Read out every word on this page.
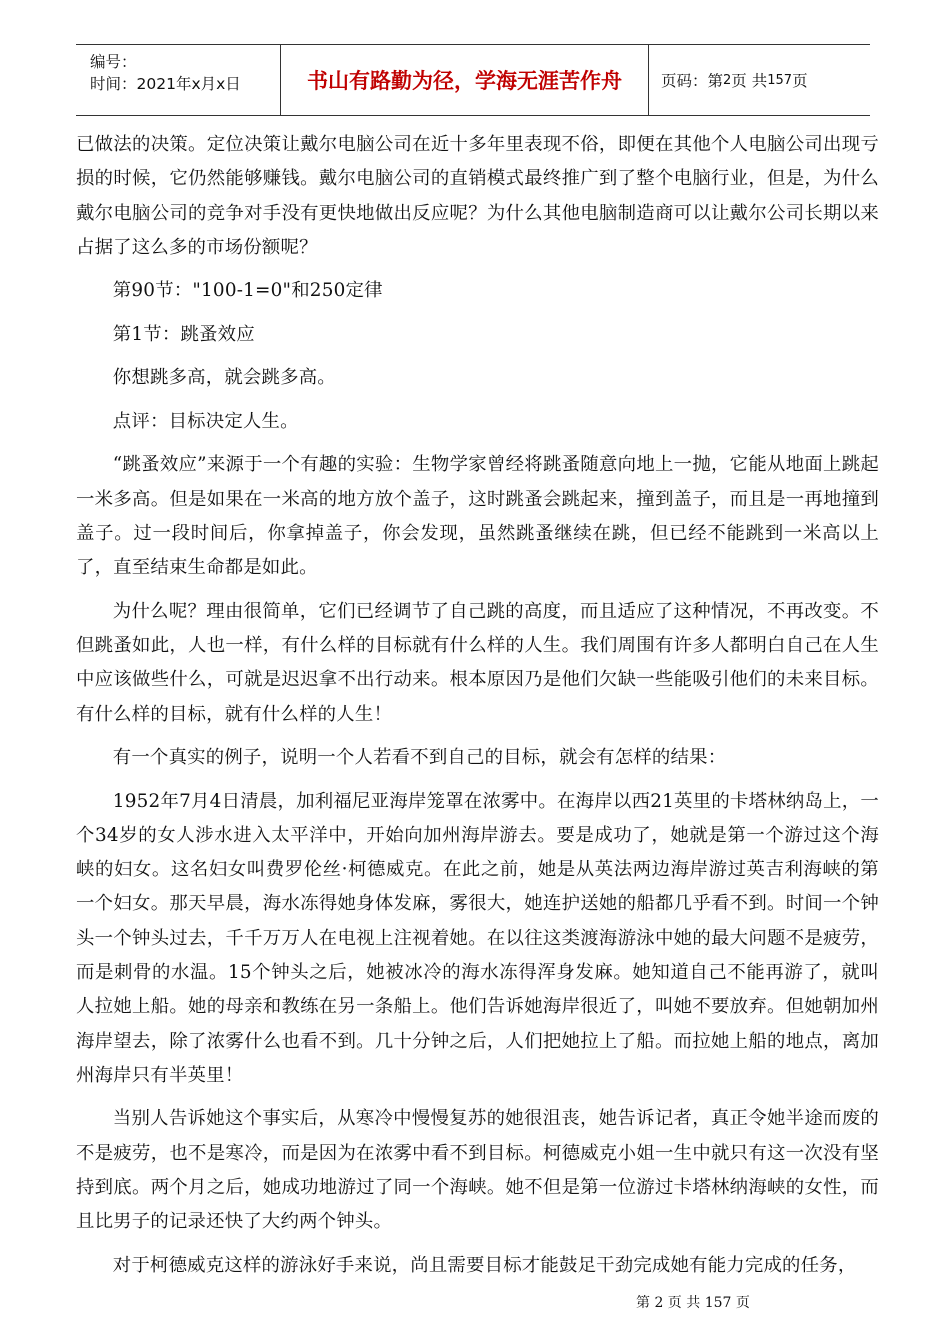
编号：
时间：2021年x月x日	书山有路勤为径，学海无涯苦作舟	页码：第 2 页 共 157 页

已做法的决策。定位决策让戴尔电脑公司在近十多年里表现不俗，即便在其他个人电脑公司出现亏损的时候，它仍然能够赚钱。戴尔电脑公司的直销模式最终推广到了整个电脑行业，但是，为什么戴尔电脑公司的竞争对手没有更快地做出反应呢？为什么其他电脑制造商可以让戴尔公司长期以来占据了这么多的市场份额呢？

第90节："100-1=0"和250定律

第1节：跳蚤效应

你想跳多高，就会跳多高。

点评：目标决定人生。

“跳蚤效应”来源于一个有趣的实验：生物学家曾经将跳蚤随意向地上一抛，它能从地面上跳起一米多高。但是如果在一米高的地方放个盖子，这时跳蚤会跳起来，撞到盖子，而且是一再地撞到盖子。过一段时间后，你拿掉盖子，你会发现，虽然跳蚤继续在跳，但已经不能跳到一米高以上了，直至结束生命都是如此。

为什么呢？理由很简单，它们已经调节了自己跳的高度，而且适应了这种情况，不再改变。不但跳蚤如此，人也一样，有什么样的目标就有什么样的人生。我们周围有许多人都明白自己在人生中应该做些什么，可就是迟迟拿不出行动来。根本原因乃是他们欠缺一些能吸引他们的未来目标。有什么样的目标，就有什么样的人生！

有一个真实的例子，说明一个人若看不到自己的目标，就会有怎样的结果：

1952年7月4日清晨，加利福尼亚海岸笼罩在浓雾中。在海岸以西21英里的卡塔林纳岛上，一个34岁的女人涉水进入太平洋中，开始向加州海岸游去。要是成功了，她就是第一个游过这个海峡的妇女。这名妇女叫费罗伦丝·柯德威克。在此之前，她是从英法两边海岸游过英吉利海峡的第一个妇女。那天早晨，海水冻得她身体发麻，雾很大，她连护送她的船都几乎看不到。时间一个钟头一个钟头过去，千千万万人在电视上注视着她。在以往这类渡海游泳中她的最大问题不是疲劳，而是刺骨的水温。15个钟头之后，她被冰冷的海水冻得浑身发麻。她知道自己不能再游了，就叫人拉她上船。她的母亲和教练在另一条船上。他们告诉她海岸很近了，叫她不要放弃。但她朝加州海岸望去，除了浓雾什么也看不到。几十分钟之后，人们把她拉上了船。而拉她上船的地点，离加州海岸只有半英里！

当别人告诉她这个事实后，从寒冷中慢慢复苏的她很沮丧，她告诉记者，真正令她半途而废的不是疲劳，也不是寒冷，而是因为在浓雾中看不到目标。柯德威克小姐一生中就只有这一次没有坚持到底。两个月之后，她成功地游过了同一个海峡。她不但是第一位游过卡塔林纳海峡的女性，而且比男子的记录还快了大约两个钟头。

对于柯德威克这样的游泳好手来说，尚且需要目标才能鼓足干劲完成她有能力完成的任务，

第 2 页 共 157 页
